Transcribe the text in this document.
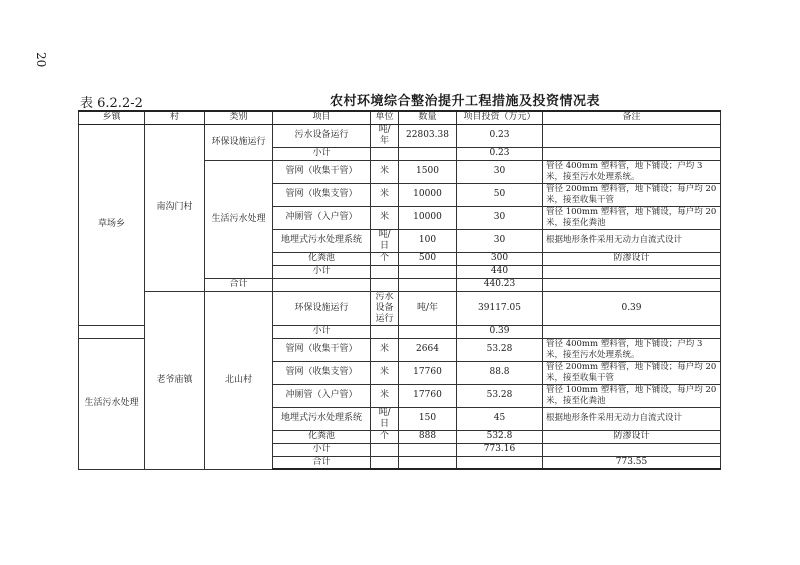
20
表 6.2.2-2	农村环境综合整治提升工程措施及投资情况表
乡镇	村	类别	项目	单位	数量	项目投资（万元）	备注	
草场乡	南沟门村	环保设施运行	污水设备运行	吨/年	22803.38	0.23		
			小计			0.23		
		生活污水处理	管网（收集干管）	米	1500	30	管径 400mm 塑料管，地下铺设；户均 3 米，接至污水处理系统。	
			管网（收集支管）	米	10000	50	管径 200mm 塑料管，地下铺设；每户均 20 米，接至收集干管	
			冲厕管（入户管）	米	10000	30	管径 100mm 塑料管，地下铺设，每户均 20 米，接至化粪池	
			地埋式污水处理系统	吨/日	100	30	根据地形条件采用无动力自流式设计	
			化粪池	个	500	300	防渗设计	
			小计			440		
		合计				440.23		
	老爷庙镇	北山村	环保设施运行	污水设备运行	吨/年	39117.05	0.39	
			小计			0.39		
生活污水处理			管网（收集干管）	米	2664	53.28	管径 400mm 塑料管，地下铺设；户均 3 米，接至污水处理系统。	
			管网（收集支管）	米	17760	88.8	管径 200mm 塑料管，地下铺设；每户均 20 米，接至收集干管	
			冲厕管（入户管）	米	17760	53.28	管径 100mm 塑料管，地下铺设，每户均 20 米，接至化粪池	
			地埋式污水处理系统	吨/日	150	45	根据地形条件采用无动力自流式设计	
			化粪池	个	888	532.8	防渗设计	
			小计			773.16		
			合计				773.55	
